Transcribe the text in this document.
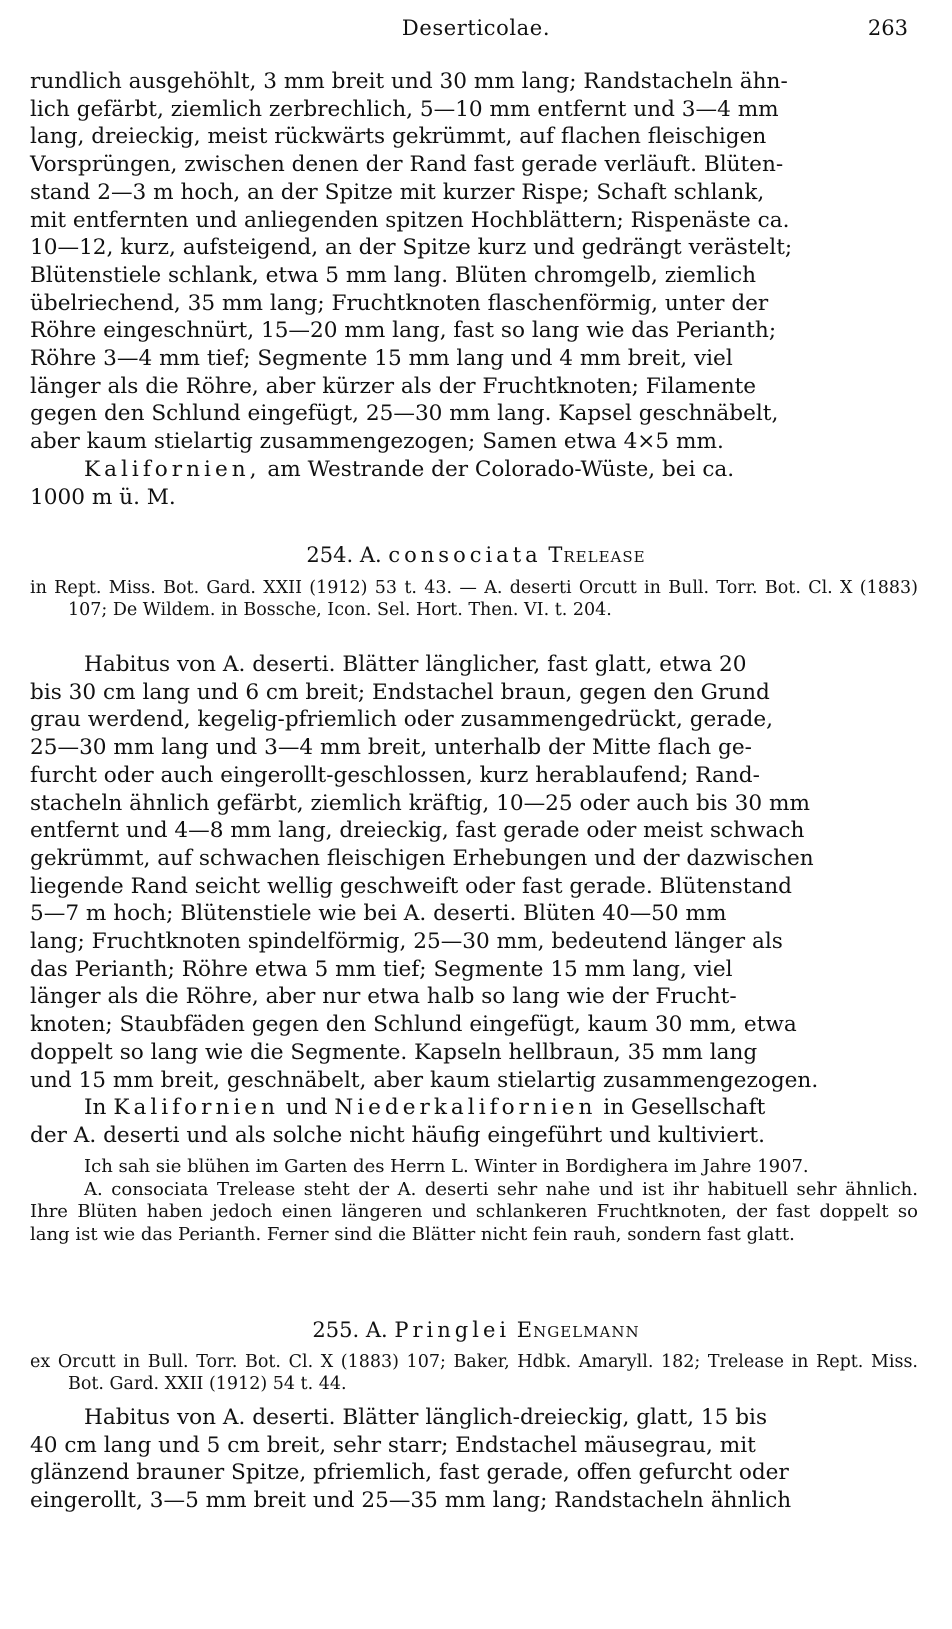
Deserticolae.	263

rundlich ausgehöhlt, 3 mm breit und 30 mm lang; Randstacheln ähn-

lich gefärbt, ziemlich zerbrechlich, 5—10 mm entfernt und 3—4 mm

lang, dreieckig, meist rückwärts gekrümmt, auf flachen fleischigen

Vorsprüngen, zwischen denen der Rand fast gerade verläuft. Blüten-

stand 2—3 m hoch, an der Spitze mit kurzer Rispe; Schaft schlank,

mit entfernten und anliegenden spitzen Hochblättern; Rispenäste ca.

10—12, kurz, aufsteigend, an der Spitze kurz und gedrängt verästelt;

Blütenstiele schlank, etwa 5 mm lang. Blüten chromgelb, ziemlich

übelriechend, 35 mm lang; Fruchtknoten flaschenförmig, unter der

Röhre eingeschnürt, 15—20 mm lang, fast so lang wie das Perianth;

Röhre 3—4 mm tief; Segmente 15 mm lang und 4 mm breit, viel

länger als die Röhre, aber kürzer als der Fruchtknoten; Filamente

gegen den Schlund eingefügt, 25—30 mm lang. Kapsel geschnäbelt,

aber kaum stielartig zusammengezogen; Samen etwa 4×5 mm.

Kalifornien, am Westrande der Colorado-Wüste, bei ca.

1000 m ü. M.

254. A. consociata Trelease

in Rept. Miss. Bot. Gard. XXII (1912) 53 t. 43. — A. deserti Orcutt in Bull. Torr. Bot. Cl. X (1883) 107; De Wildem. in Bossche, Icon. Sel. Hort. Then. VI. t. 204.

Habitus von A. deserti. Blätter länglicher, fast glatt, etwa 20

bis 30 cm lang und 6 cm breit; Endstachel braun, gegen den Grund

grau werdend, kegelig-pfriemlich oder zusammengedrückt, gerade,

25—30 mm lang und 3—4 mm breit, unterhalb der Mitte flach ge-

furcht oder auch eingerollt-geschlossen, kurz herablaufend; Rand-

stacheln ähnlich gefärbt, ziemlich kräftig, 10—25 oder auch bis 30 mm

entfernt und 4—8 mm lang, dreieckig, fast gerade oder meist schwach

gekrümmt, auf schwachen fleischigen Erhebungen und der dazwischen

liegende Rand seicht wellig geschweift oder fast gerade. Blütenstand

5—7 m hoch; Blütenstiele wie bei A. deserti. Blüten 40—50 mm

lang; Fruchtknoten spindelförmig, 25—30 mm, bedeutend länger als

das Perianth; Röhre etwa 5 mm tief; Segmente 15 mm lang, viel

länger als die Röhre, aber nur etwa halb so lang wie der Frucht-

knoten; Staubfäden gegen den Schlund eingefügt, kaum 30 mm, etwa

doppelt so lang wie die Segmente. Kapseln hellbraun, 35 mm lang

und 15 mm breit, geschnäbelt, aber kaum stielartig zusammengezogen.

In Kalifornien und Niederkalifornien in Gesellschaft

der A. deserti und als solche nicht häufig eingeführt und kultiviert.

Ich sah sie blühen im Garten des Herrn L. Winter in Bordighera im Jahre 1907.

A. consociata Trelease steht der A. deserti sehr nahe und ist ihr habituell sehr ähnlich. Ihre Blüten haben jedoch einen längeren und schlankeren Fruchtknoten, der fast doppelt so lang ist wie das Perianth. Ferner sind die Blätter nicht fein rauh, sondern fast glatt.

255. A. Pringlei Engelmann

ex Orcutt in Bull. Torr. Bot. Cl. X (1883) 107; Baker, Hdbk. Amaryll. 182; Trelease in Rept. Miss. Bot. Gard. XXII (1912) 54 t. 44.

Habitus von A. deserti. Blätter länglich-dreieckig, glatt, 15 bis

40 cm lang und 5 cm breit, sehr starr; Endstachel mäusegrau, mit

glänzend brauner Spitze, pfriemlich, fast gerade, offen gefurcht oder

eingerollt, 3—5 mm breit und 25—35 mm lang; Randstacheln ähnlich
